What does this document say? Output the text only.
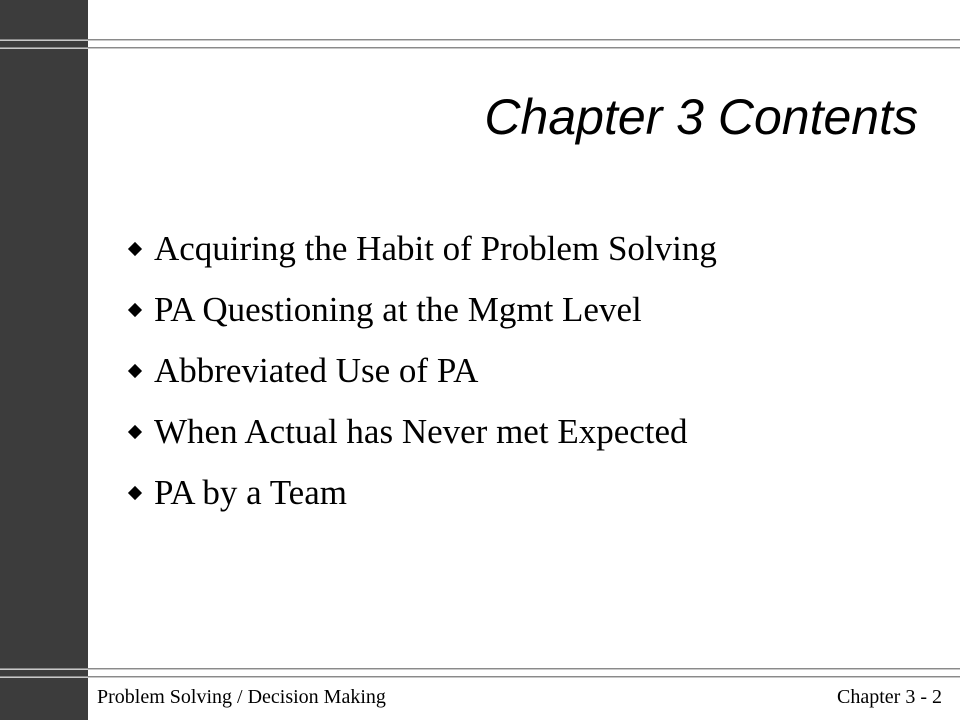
Chapter 3 Contents
Acquiring the Habit of Problem Solving
PA Questioning at the Mgmt Level
Abbreviated Use of PA
When Actual has Never met Expected
PA by a Team
Problem Solving / Decision Making	Chapter 3 - 2
